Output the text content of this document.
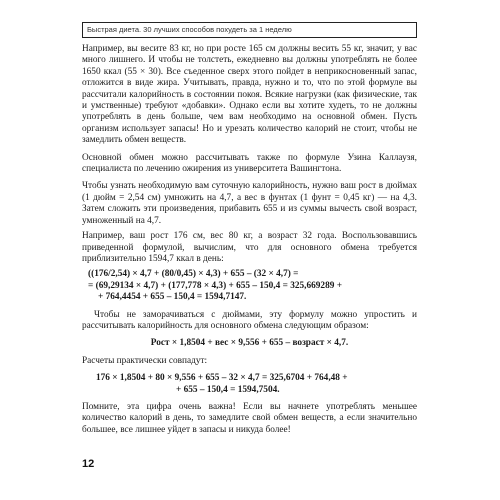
Быстрая диета. 30 лучших способов похудеть за 1 неделю

Например, вы весите 83 кг, но при росте 165 см должны весить 55 кг, значит, у вас много лишнего. И чтобы не толстеть, ежедневно вы должны употреблять не более 1650 ккал (55 × 30). Все съеденное сверх этого пойдет в неприкосновенный запас, отложится в виде жира. Учитывать, правда, нужно и то, что по этой формуле вы рассчитали калорийность в состоянии покоя. Всякие нагрузки (как физические, так и умственные) требуют «добавки». Однако если вы хотите худеть, то не должны употреблять в день больше, чем вам необходимо на основной обмен. Пусть организм использует запасы! Но и урезать количество калорий не стоит, чтобы не замедлить обмен веществ.

Основной обмен можно рассчитывать также по формуле Узина Каллаузя, специалиста по лечению ожирения из университета Вашингтона.

Чтобы узнать необходимую вам суточную калорийность, нужно ваш рост в дюймах (1 дюйм = 2,54 см) умножить на 4,7, а вес в фунтах (1 фунт = 0,45 кг) — на 4,3. Затем сложить эти произведения, прибавить 655 и из суммы вычесть свой возраст, умноженный на 4,7.

Например, ваш рост 176 см, вес 80 кг, а возраст 32 года. Воспользовавшись приведенной формулой, вычислим, что для основного обмена требуется приблизительно 1594,7 ккал в день:

((176/2,54) × 4,7 + (80/0,45) × 4,3) + 655 – (32 × 4,7) =
= (69,29134 × 4,7) + (177,778 × 4,3) + 655 – 150,4 = 325,669289 +
+ 764,4454 + 655 – 150,4 = 1594,7147.

Чтобы не заморачиваться с дюймами, эту формулу можно упростить и рассчитывать калорийность для основного обмена следующим образом:

Рост × 1,8504 + вес × 9,556 + 655 – возраст × 4,7.

Расчеты практически совпадут:

176 × 1,8504 + 80 × 9,556 + 655 – 32 × 4,7 = 325,6704 + 764,48 +
+ 655 – 150,4 = 1594,7504.

Помните, эта цифра очень важна! Если вы начнете употреблять меньшее количество калорий в день, то замедлите свой обмен веществ, а если значительно большее, все лишнее уйдет в запасы и никуда более!

12
